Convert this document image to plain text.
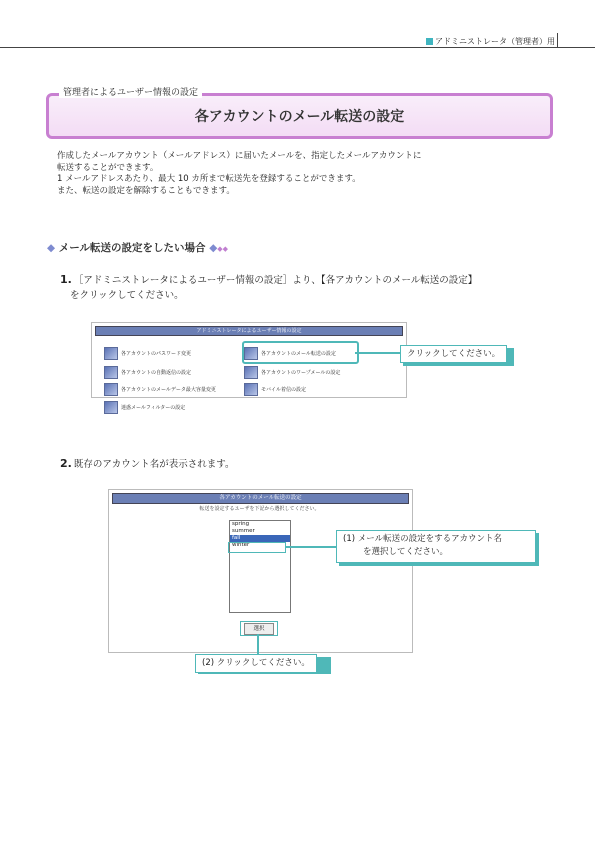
アドミニストレータ（管理者）用
管理者によるユーザー情報の設定
各アカウントのメール転送の設定
作成したメールアカウント（メールアドレス）に届いたメールを、指定したメールアカウントに
転送することができます。
1 メールアドレスあたり、最大 10 カ所まで転送先を登録することができます。
また、転送の設定を解除することもできます。
◆ メール転送の設定をしたい場合 ◆◆◆
1. ［アドミニストレータによるユーザー情報の設定］より、【各アカウントのメール転送の設定】
をクリックしてください。
アドミニストレータによるユーザー情報の設定
各アカウントのパスワード変更	各アカウントのメール転送の設定
各アカウントの自動返信の設定	各アカウントのワープメールの設定
各アカウントのメールデータ最大容量変更	モバイル着信の設定
迷惑メールフィルターの設定
クリックしてください。
2. 既存のアカウント名が表示されます。
各アカウントのメール転送の設定
転送を設定するユーザを下記から選択してください。
spring
summer
fall
winter
選択
(1) メール転送の設定をするアカウント名
を選択してください。
(2) クリックしてください。
